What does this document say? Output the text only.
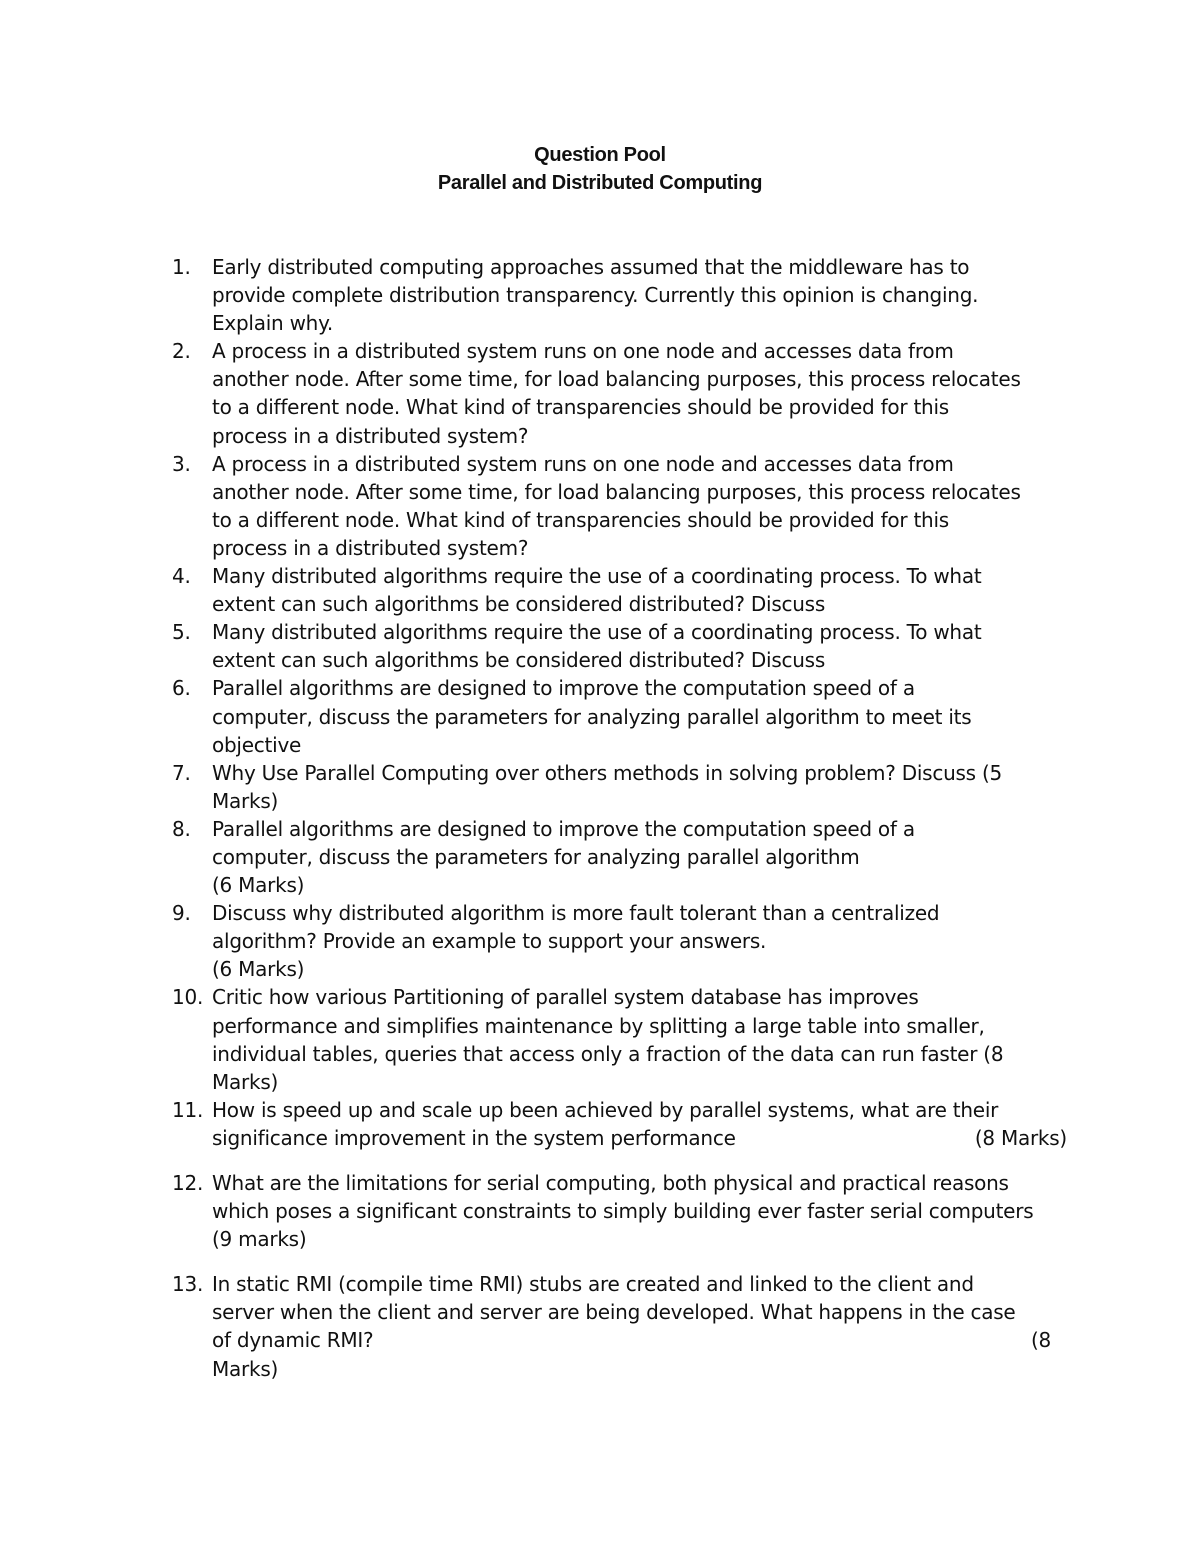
Question Pool
Parallel and Distributed Computing
1. Early distributed computing approaches assumed that the middleware has to
provide complete distribution transparency. Currently this opinion is changing.
Explain why.
2. A process in a distributed system runs on one node and accesses data from
another node. After some time, for load balancing purposes, this process relocates
to a different node. What kind of transparencies should be provided for this
process in a distributed system?
3. A process in a distributed system runs on one node and accesses data from
another node. After some time, for load balancing purposes, this process relocates
to a different node. What kind of transparencies should be provided for this
process in a distributed system?
4. Many distributed algorithms require the use of a coordinating process. To what
extent can such algorithms be considered distributed? Discuss
5. Many distributed algorithms require the use of a coordinating process. To what
extent can such algorithms be considered distributed? Discuss
6. Parallel algorithms are designed to improve the computation speed of a
computer, discuss the parameters for analyzing parallel algorithm to meet its
objective
7. Why Use Parallel Computing over others methods in solving problem? Discuss (5
Marks)
8. Parallel algorithms are designed to improve the computation speed of a
computer, discuss the parameters for analyzing parallel algorithm
(6 Marks)
9. Discuss why distributed algorithm is more fault tolerant than a centralized
algorithm? Provide an example to support your answers.
(6 Marks)
10. Critic how various Partitioning of parallel system database has improves
performance and simplifies maintenance by splitting a large table into smaller,
individual tables, queries that access only a fraction of the data can run faster (8
Marks)
11. How is speed up and scale up been achieved by parallel systems, what are their
significance improvement in the system performance	(8 Marks)
12. What are the limitations for serial computing, both physical and practical reasons
which poses a significant constraints to simply building ever faster serial computers
(9 marks)
13. In static RMI (compile time RMI) stubs are created and linked to the client and
server when the client and server are being developed. What happens in the case
of dynamic RMI?	(8
Marks)
